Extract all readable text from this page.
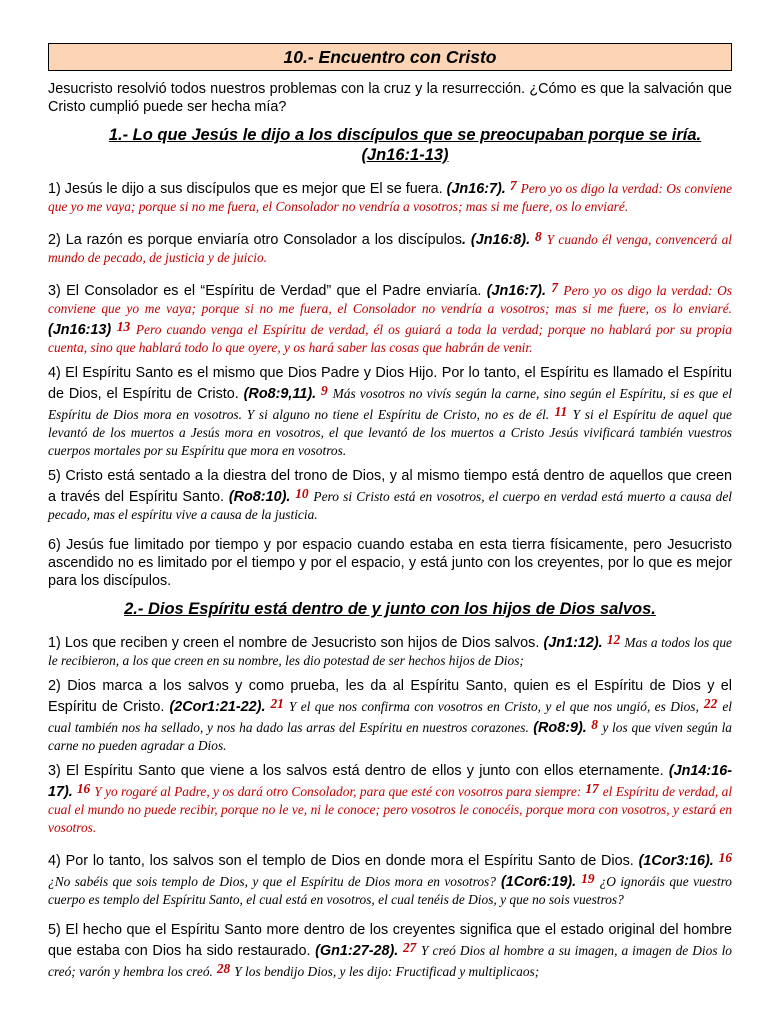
10.- Encuentro con Cristo

Jesucristo resolvió todos nuestros problemas con la cruz y la resurrección. ¿Cómo es que la salvación que Cristo cumplió puede ser hecha mía?

1.- Lo que Jesús le dijo a los discípulos que se preocupaban porque se iría. (Jn16:1-13)

1) Jesús le dijo a sus discípulos que es mejor que El se fuera. (Jn16:7). 7 Pero yo os digo la verdad: Os conviene que yo me vaya; porque si no me fuera, el Consolador no vendría a vosotros; mas si me fuere, os lo enviaré.

2) La razón es porque enviaría otro Consolador a los discípulos. (Jn16:8). 8 Y cuando él venga, convencerá al mundo de pecado, de justicia y de juicio.

3) El Consolador es el “Espíritu de Verdad” que el Padre enviaría. (Jn16:7). 7 Pero yo os digo la verdad: Os conviene que yo me vaya; porque si no me fuera, el Consolador no vendría a vosotros; mas si me fuere, os lo enviaré. (Jn16:13) 13 Pero cuando venga el Espíritu de verdad, él os guiará a toda la verdad; porque no hablará por su propia cuenta, sino que hablará todo lo que oyere, y os hará saber las cosas que habrán de venir.

4) El Espíritu Santo es el mismo que Dios Padre y Dios Hijo. Por lo tanto, el Espíritu es llamado el Espíritu de Dios, el Espíritu de Cristo. (Ro8:9,11). 9 Más vosotros no vivís según la carne, sino según el Espíritu, si es que el Espíritu de Dios mora en vosotros. Y si alguno no tiene el Espíritu de Cristo, no es de él. 11 Y si el Espíritu de aquel que levantó de los muertos a Jesús mora en vosotros, el que levantó de los muertos a Cristo Jesús vivificará también vuestros cuerpos mortales por su Espíritu que mora en vosotros.

5) Cristo está sentado a la diestra del trono de Dios, y al mismo tiempo está dentro de aquellos que creen a través del Espíritu Santo. (Ro8:10). 10 Pero si Cristo está en vosotros, el cuerpo en verdad está muerto a causa del pecado, mas el espíritu vive a causa de la justicia.

6) Jesús fue limitado por tiempo y por espacio cuando estaba en esta tierra físicamente, pero Jesucristo ascendido no es limitado por el tiempo y por el espacio, y está junto con los creyentes, por lo que es mejor para los discípulos.

2.- Dios Espíritu está dentro de y junto con los hijos de Dios salvos.

1) Los que reciben y creen el nombre de Jesucristo son hijos de Dios salvos. (Jn1:12). 12 Mas a todos los que le recibieron, a los que creen en su nombre, les dio potestad de ser hechos hijos de Dios;

2) Dios marca a los salvos y como prueba, les da al Espíritu Santo, quien es el Espíritu de Dios y el Espíritu de Cristo. (2Cor1:21-22). 21 Y el que nos confirma con vosotros en Cristo, y el que nos ungió, es Dios, 22 el cual también nos ha sellado, y nos ha dado las arras del Espíritu en nuestros corazones. (Ro8:9). 8 y los que viven según la carne no pueden agradar a Dios.

3) El Espíritu Santo que viene a los salvos está dentro de ellos y junto con ellos eternamente. (Jn14:16-17). 16 Y yo rogaré al Padre, y os dará otro Consolador, para que esté con vosotros para siempre: 17 el Espíritu de verdad, al cual el mundo no puede recibir, porque no le ve, ni le conoce; pero vosotros le conocéis, porque mora con vosotros, y estará en vosotros.

4) Por lo tanto, los salvos son el templo de Dios en donde mora el Espíritu Santo de Dios. (1Cor3:16). 16 ¿No sabéis que sois templo de Dios, y que el Espíritu de Dios mora en vosotros? (1Cor6:19). 19 ¿O ignoráis que vuestro cuerpo es templo del Espíritu Santo, el cual está en vosotros, el cual tenéis de Dios, y que no sois vuestros?

5) El hecho que el Espíritu Santo more dentro de los creyentes significa que el estado original del hombre que estaba con Dios ha sido restaurado. (Gn1:27-28). 27 Y creó Dios al hombre a su imagen, a imagen de Dios lo creó; varón y hembra los creó. 28 Y los bendijo Dios, y les dijo: Fructificad y multiplicaos;
